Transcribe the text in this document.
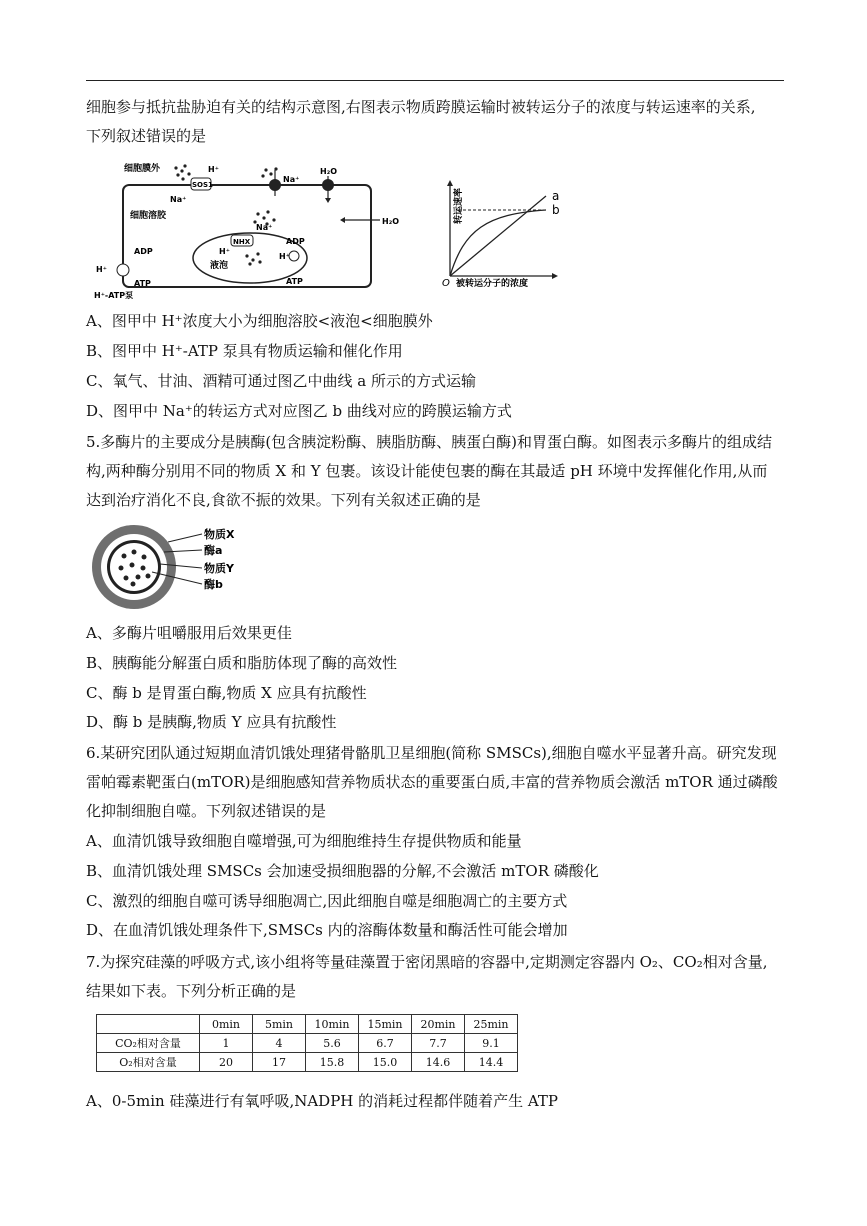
细胞参与抵抗盐胁迫有关的结构示意图,右图表示物质跨膜运输时被转运分子的浓度与转运速率的关系,
下列叙述错误的是
细胞膜外
细胞溶胶
液泡
SOS1
H⁺
Na⁺
Na⁺
H₂O
H₂O
NHX
H⁺
Na⁺
ADP
ATP
H⁺
ADP
ATP
H⁺
H⁺-ATP泵
转运速率
O 被转运分子的浓度
a
b
A、图甲中 H⁺浓度大小为细胞溶胶<液泡<细胞膜外
B、图甲中 H⁺-ATP 泵具有物质运输和催化作用
C、氧气、甘油、酒精可通过图乙中曲线 a 所示的方式运输
D、图甲中 Na⁺的转运方式对应图乙 b 曲线对应的跨膜运输方式
5.多酶片的主要成分是胰酶(包含胰淀粉酶、胰脂肪酶、胰蛋白酶)和胃蛋白酶。如图表示多酶片的组成结
构,两种酶分别用不同的物质 X 和 Y 包裹。该设计能使包裹的酶在其最适 pH 环境中发挥催化作用,从而
达到治疗消化不良,食欲不振的效果。下列有关叙述正确的是
物质X
酶a
物质Y
酶b
A、多酶片咀嚼服用后效果更佳
B、胰酶能分解蛋白质和脂肪体现了酶的高效性
C、酶 b 是胃蛋白酶,物质 X 应具有抗酸性
D、酶 b 是胰酶,物质 Y 应具有抗酸性
6.某研究团队通过短期血清饥饿处理猪骨骼肌卫星细胞(简称 SMSCs),细胞自噬水平显著升高。研究发现
雷帕霉素靶蛋白(mTOR)是细胞感知营养物质状态的重要蛋白质,丰富的营养物质会激活 mTOR 通过磷酸
化抑制细胞自噬。下列叙述错误的是
A、血清饥饿导致细胞自噬增强,可为细胞维持生存提供物质和能量
B、血清饥饿处理 SMSCs 会加速受损细胞器的分解,不会激活 mTOR 磷酸化
C、激烈的细胞自噬可诱导细胞凋亡,因此细胞自噬是细胞凋亡的主要方式
D、在血清饥饿处理条件下,SMSCs 内的溶酶体数量和酶活性可能会增加
7.为探究硅藻的呼吸方式,该小组将等量硅藻置于密闭黑暗的容器中,定期测定容器内 O₂、CO₂相对含量,
结果如下表。下列分析正确的是
	0min	5min	10min	15min	20min	25min
CO₂相对含量	1	4	5.6	6.7	7.7	9.1
O₂相对含量	20	17	15.8	15.0	14.6	14.4
A、0-5min 硅藻进行有氧呼吸,NADPH 的消耗过程都伴随着产生 ATP
